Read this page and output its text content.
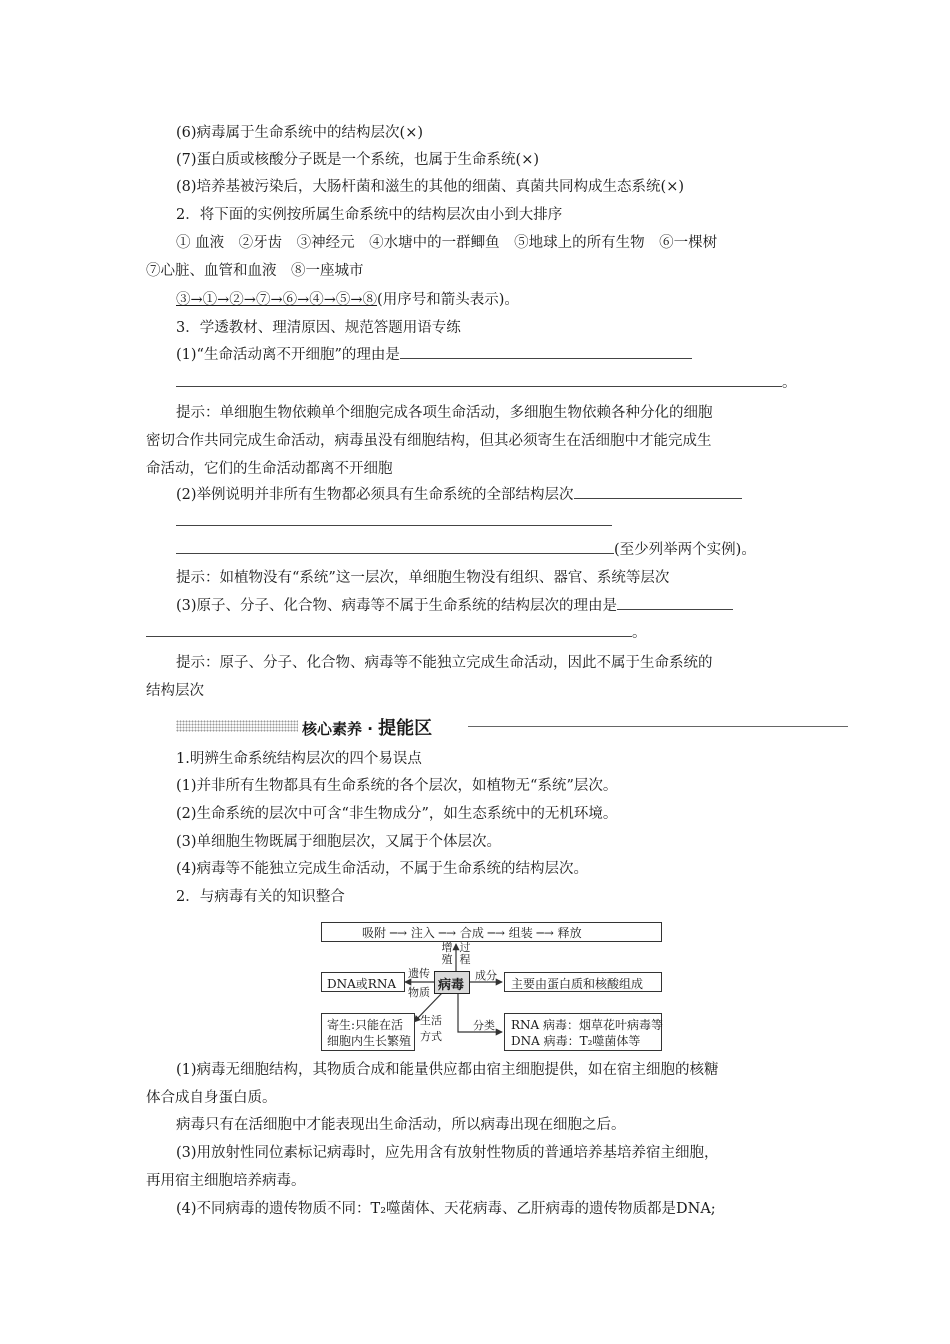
(6)病毒属于生命系统中的结构层次(×)
(7)蛋白质或核酸分子既是一个系统，也属于生命系统(×)
(8)培养基被污染后，大肠杆菌和滋生的其他的细菌、真菌共同构成生态系统(×)
2．将下面的实例按所属生命系统中的结构层次由小到大排序
① 血液　②牙齿　③神经元　④水塘中的一群鲫鱼　⑤地球上的所有生物　⑥一棵树
⑦心脏、血管和血液　⑧一座城市
③→①→②→⑦→⑥→④→⑤→⑧(用序号和箭头表示)。
3．学透教材、理清原因、规范答题用语专练
(1)“生命活动离不开细胞”的理由是
。
提示：单细胞生物依赖单个细胞完成各项生命活动，多细胞生物依赖各种分化的细胞
密切合作共同完成生命活动，病毒虽没有细胞结构，但其必须寄生在活细胞中才能完成生
命活动，它们的生命活动都离不开细胞
(2)举例说明并非所有生物都必须具有生命系统的全部结构层次
(至少列举两个实例)。
提示：如植物没有“系统”这一层次，单细胞生物没有组织、器官、系统等层次
(3)原子、分子、化合物、病毒等不属于生命系统的结构层次的理由是
。
提示：原子、分子、化合物、病毒等不能独立完成生命活动，因此不属于生命系统的
结构层次
核心素养 · 提能区
1.明辨生命系统结构层次的四个易误点
(1)并非所有生物都具有生命系统的各个层次，如植物无“系统”层次。
(2)生命系统的层次中可含“非生物成分”，如生态系统中的无机环境。
(3)单细胞生物既属于细胞层次，又属于个体层次。
(4)病毒等不能独立完成生命活动，不属于生命系统的结构层次。
2．与病毒有关的知识整合
吸附 ─→ 注入 ─→ 合成 ─→ 组装 ─→ 释放
病毒
DNA或RNA	主要由蛋白质和核酸组成
寄生:只能在活
细胞内生长繁殖
RNA 病毒：烟草花叶病毒等
DNA 病毒：T₂噬菌体等
增殖
过程
遗传
物质
成分
生活
方式
分类
(1)病毒无细胞结构，其物质合成和能量供应都由宿主细胞提供，如在宿主细胞的核糖
体合成自身蛋白质。
病毒只有在活细胞中才能表现出生命活动，所以病毒出现在细胞之后。
(3)用放射性同位素标记病毒时，应先用含有放射性物质的普通培养基培养宿主细胞，
再用宿主细胞培养病毒。
(4)不同病毒的遗传物质不同：T₂噬菌体、天花病毒、乙肝病毒的遗传物质都是DNA;
